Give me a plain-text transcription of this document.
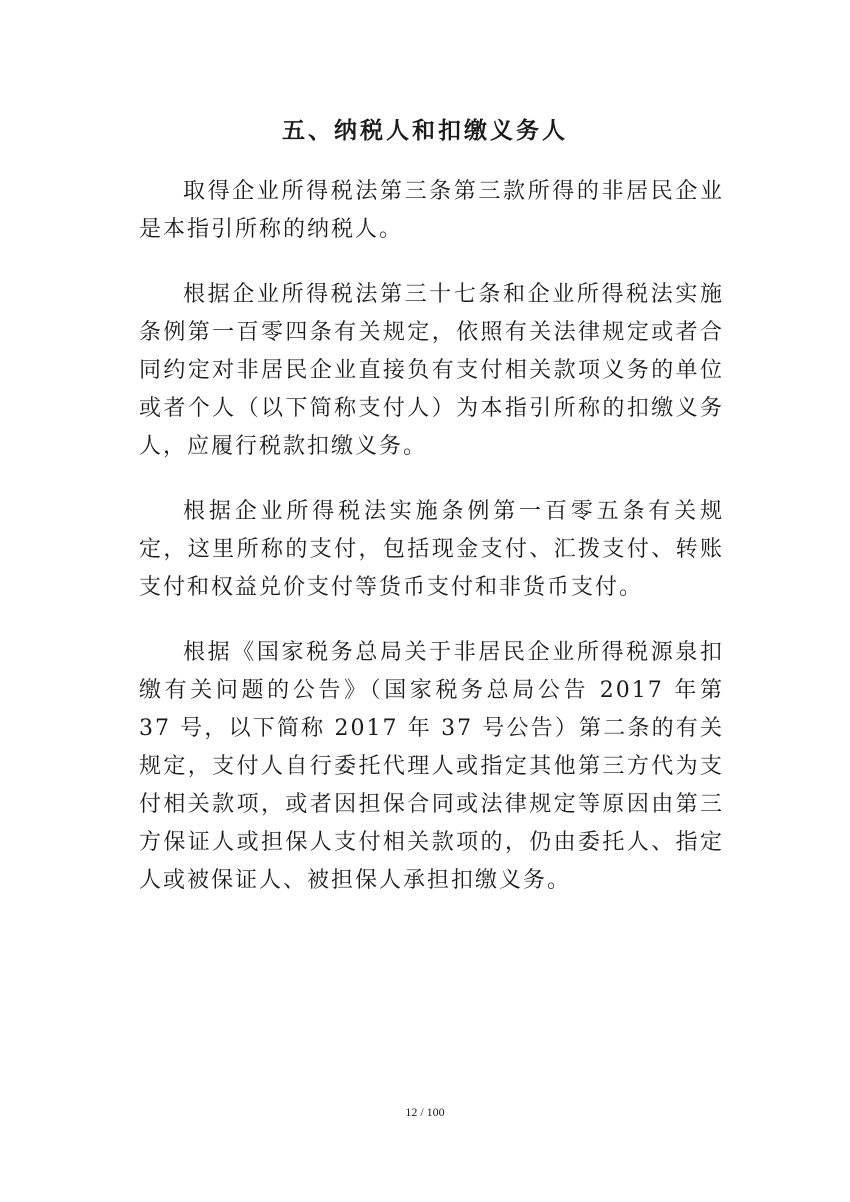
五、纳税人和扣缴义务人

取得企业所得税法第三条第三款所得的非居民企业是本指引所称的纳税人。

根据企业所得税法第三十七条和企业所得税法实施条例第一百零四条有关规定，依照有关法律规定或者合同约定对非居民企业直接负有支付相关款项义务的单位或者个人（以下简称支付人）为本指引所称的扣缴义务人，应履行税款扣缴义务。

根据企业所得税法实施条例第一百零五条有关规定，这里所称的支付，包括现金支付、汇拨支付、转账支付和权益兑价支付等货币支付和非货币支付。

根据《国家税务总局关于非居民企业所得税源泉扣缴有关问题的公告》（国家税务总局公告 2017 年第 37 号，以下简称 2017 年 37 号公告）第二条的有关规定，支付人自行委托代理人或指定其他第三方代为支付相关款项，或者因担保合同或法律规定等原因由第三方保证人或担保人支付相关款项的，仍由委托人、指定人或被保证人、被担保人承担扣缴义务。

12 / 100
